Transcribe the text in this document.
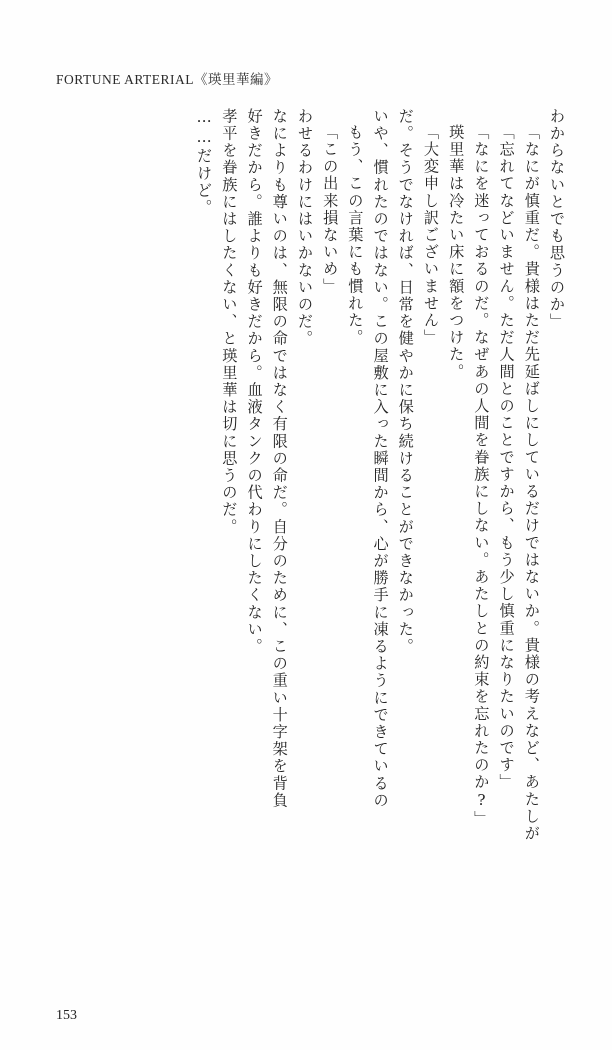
FORTUNE ARTERIAL《瑛里華編》
……だけど。 孝平を眷族にはしたくない、と瑛里華は切に思うのだ。 好きだから。誰よりも好きだから。血液タンクの代わりにしたくない。 なによりも尊いのは、無限の命ではなく有限の命だ。自分のために、この重い十字架を背負 わせるわけにはいかないのだ。 「この出来損ないめ」 もう、この言葉にも慣れた。 いや、慣れたのではない。この屋敷に入った瞬間から、心が勝手に凍るようにできているの だ。そうでなければ、日常を健やかに保ち続けることができなかった。 「大変申し訳ございません」 瑛里華は冷たい床に額をつけた。 「なにを迷っておるのだ。なぜあの人間を眷族にしない。あたしとの約束を忘れたのか?」 「忘れてなどいません。ただ人間とのことですから、もう少し慎重になりたいのです」 「なにが慎重だ。貴様はただ先延ばしにしているだけではないか。貴様の考えなど、あたしが わからないとでも思うのか」
153
